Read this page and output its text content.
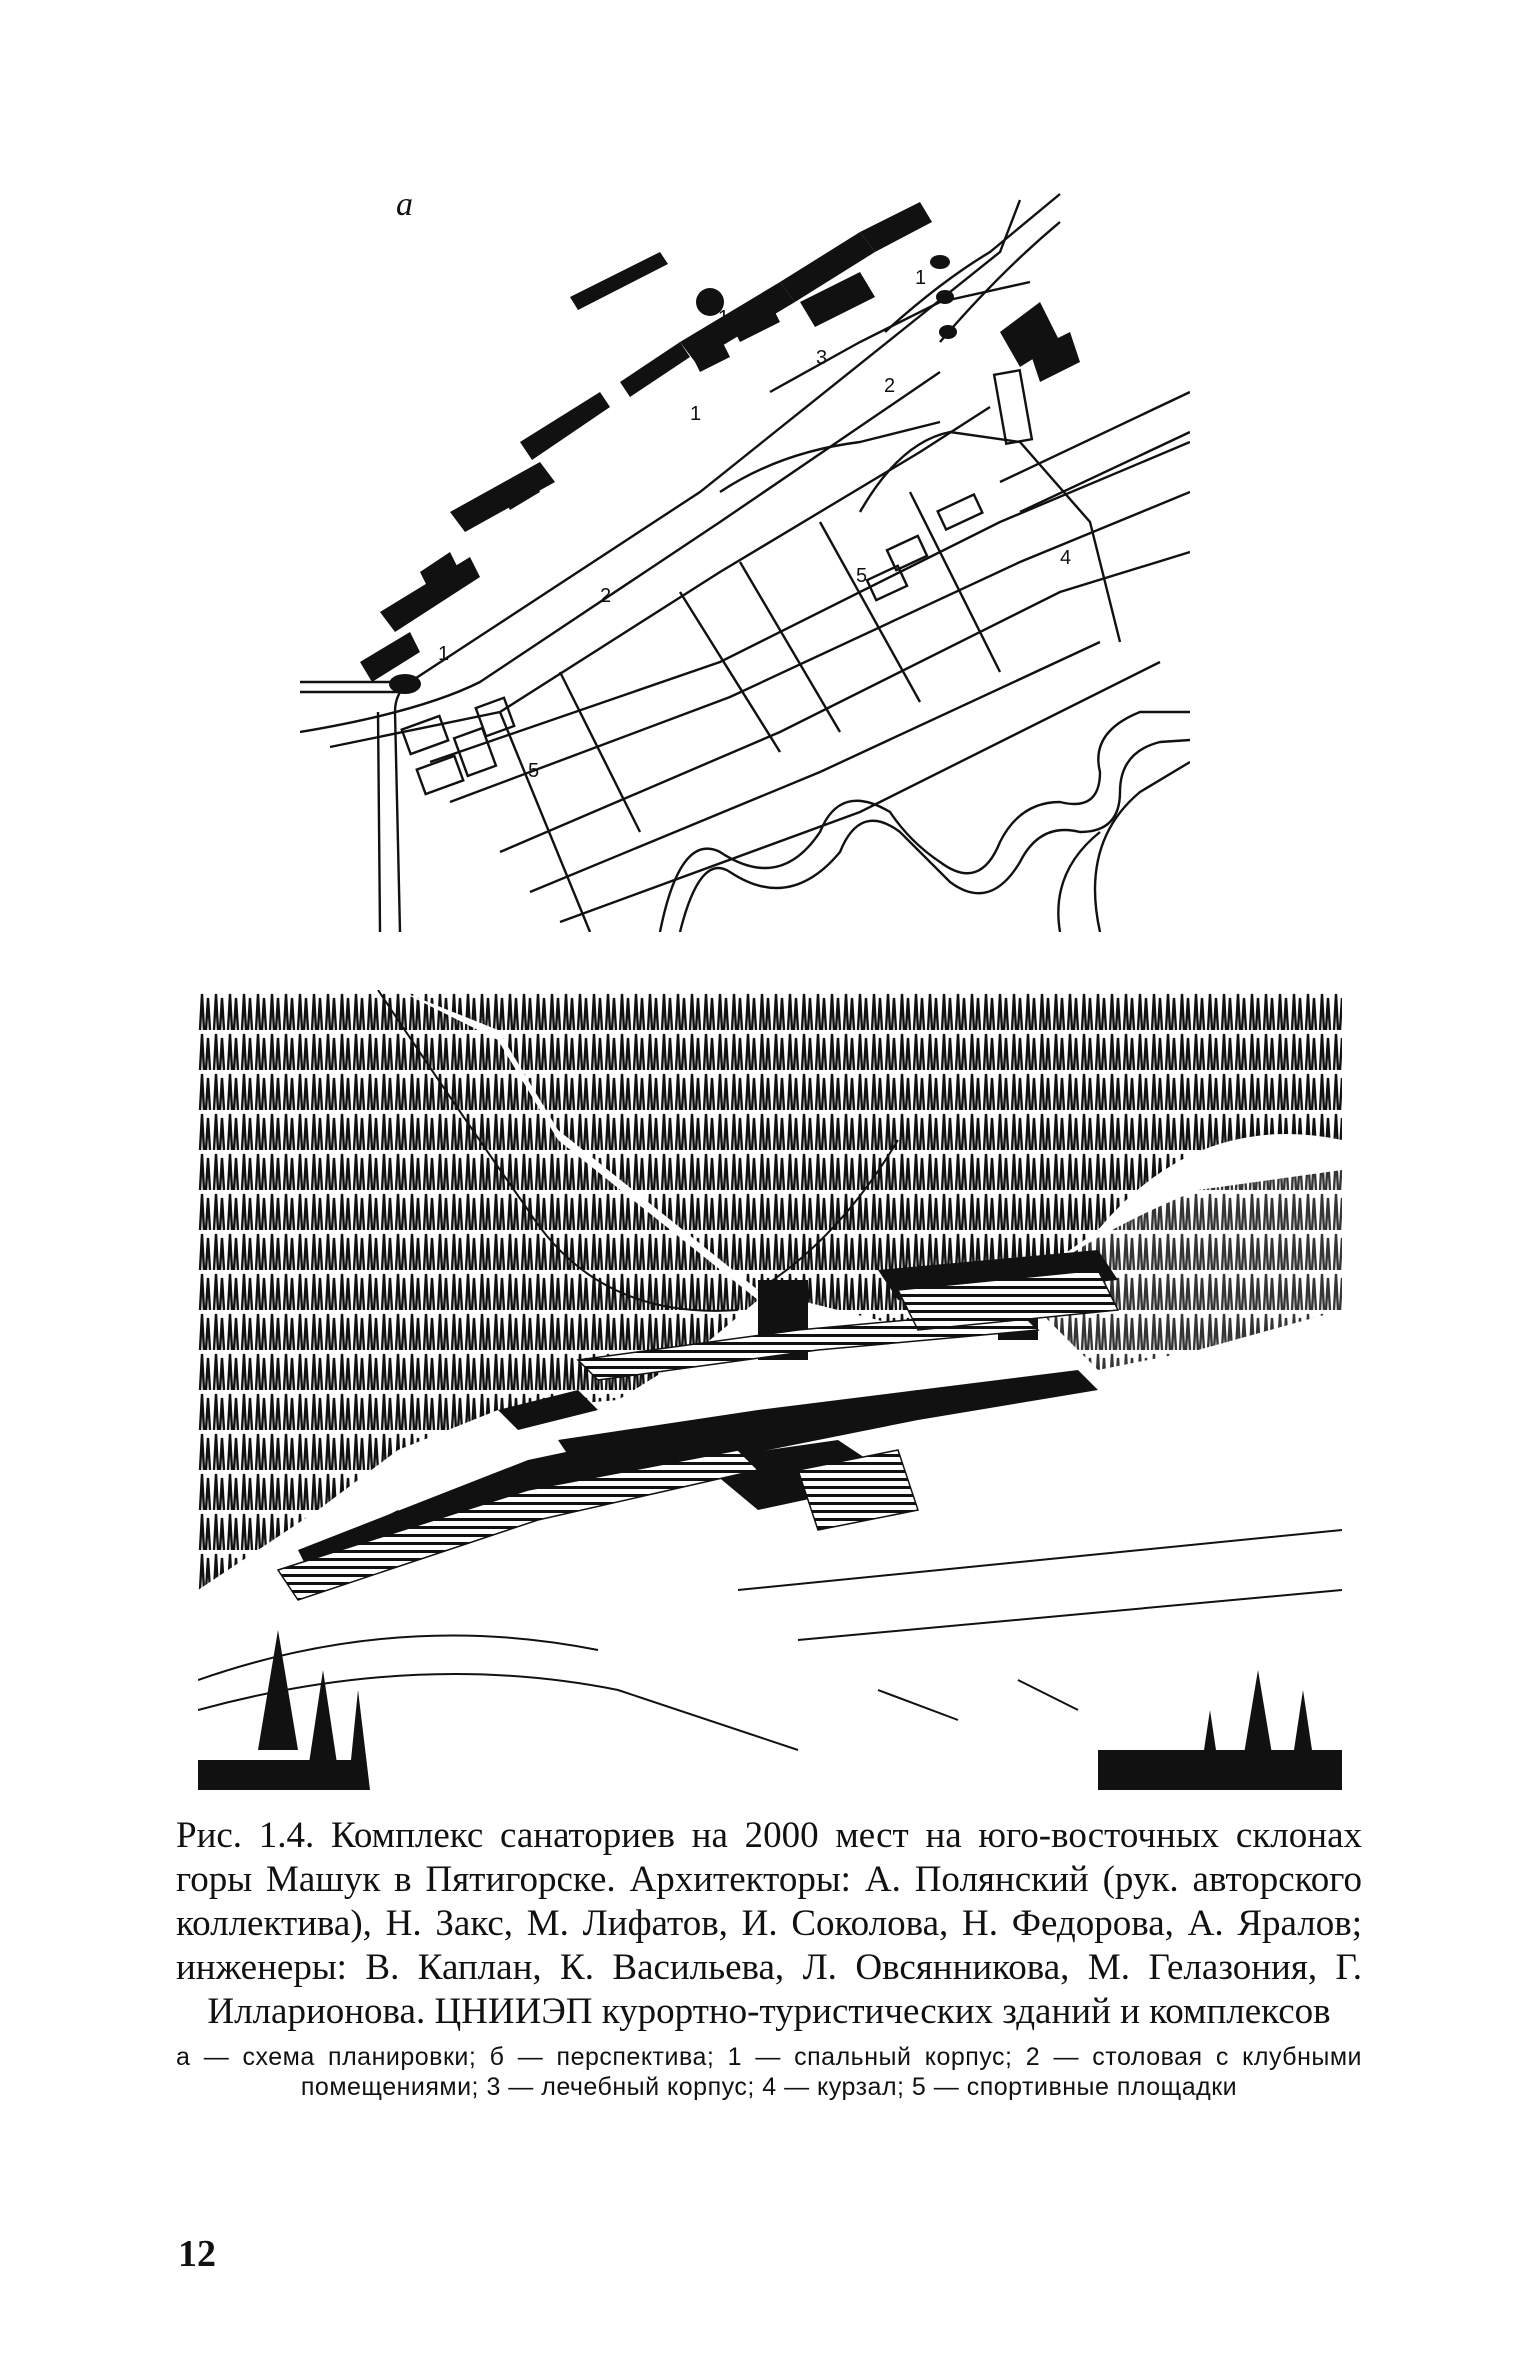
а
1
1
1
1
2
2
3
4
5
5
Рис. 1.4. Комплекс санаториев на 2000 мест на юго-восточных склонах горы Машук в Пятигорске. Архитекторы: А. Полянский (рук. авторского коллектива), Н. Закс, М. Лифатов, И. Соколова, Н. Федорова, А. Яралов; инженеры: В. Каплан, К. Васильева, Л. Овсянникова, М. Гелазония, Г. Илларионова. ЦНИИЭП курортно-туристических зданий и комплексов
а — схема планировки; б — перспектива; 1 — спальный корпус; 2 — столовая с клубными помещениями; 3 — лечебный корпус; 4 — курзал; 5 — спортивные площадки
12
